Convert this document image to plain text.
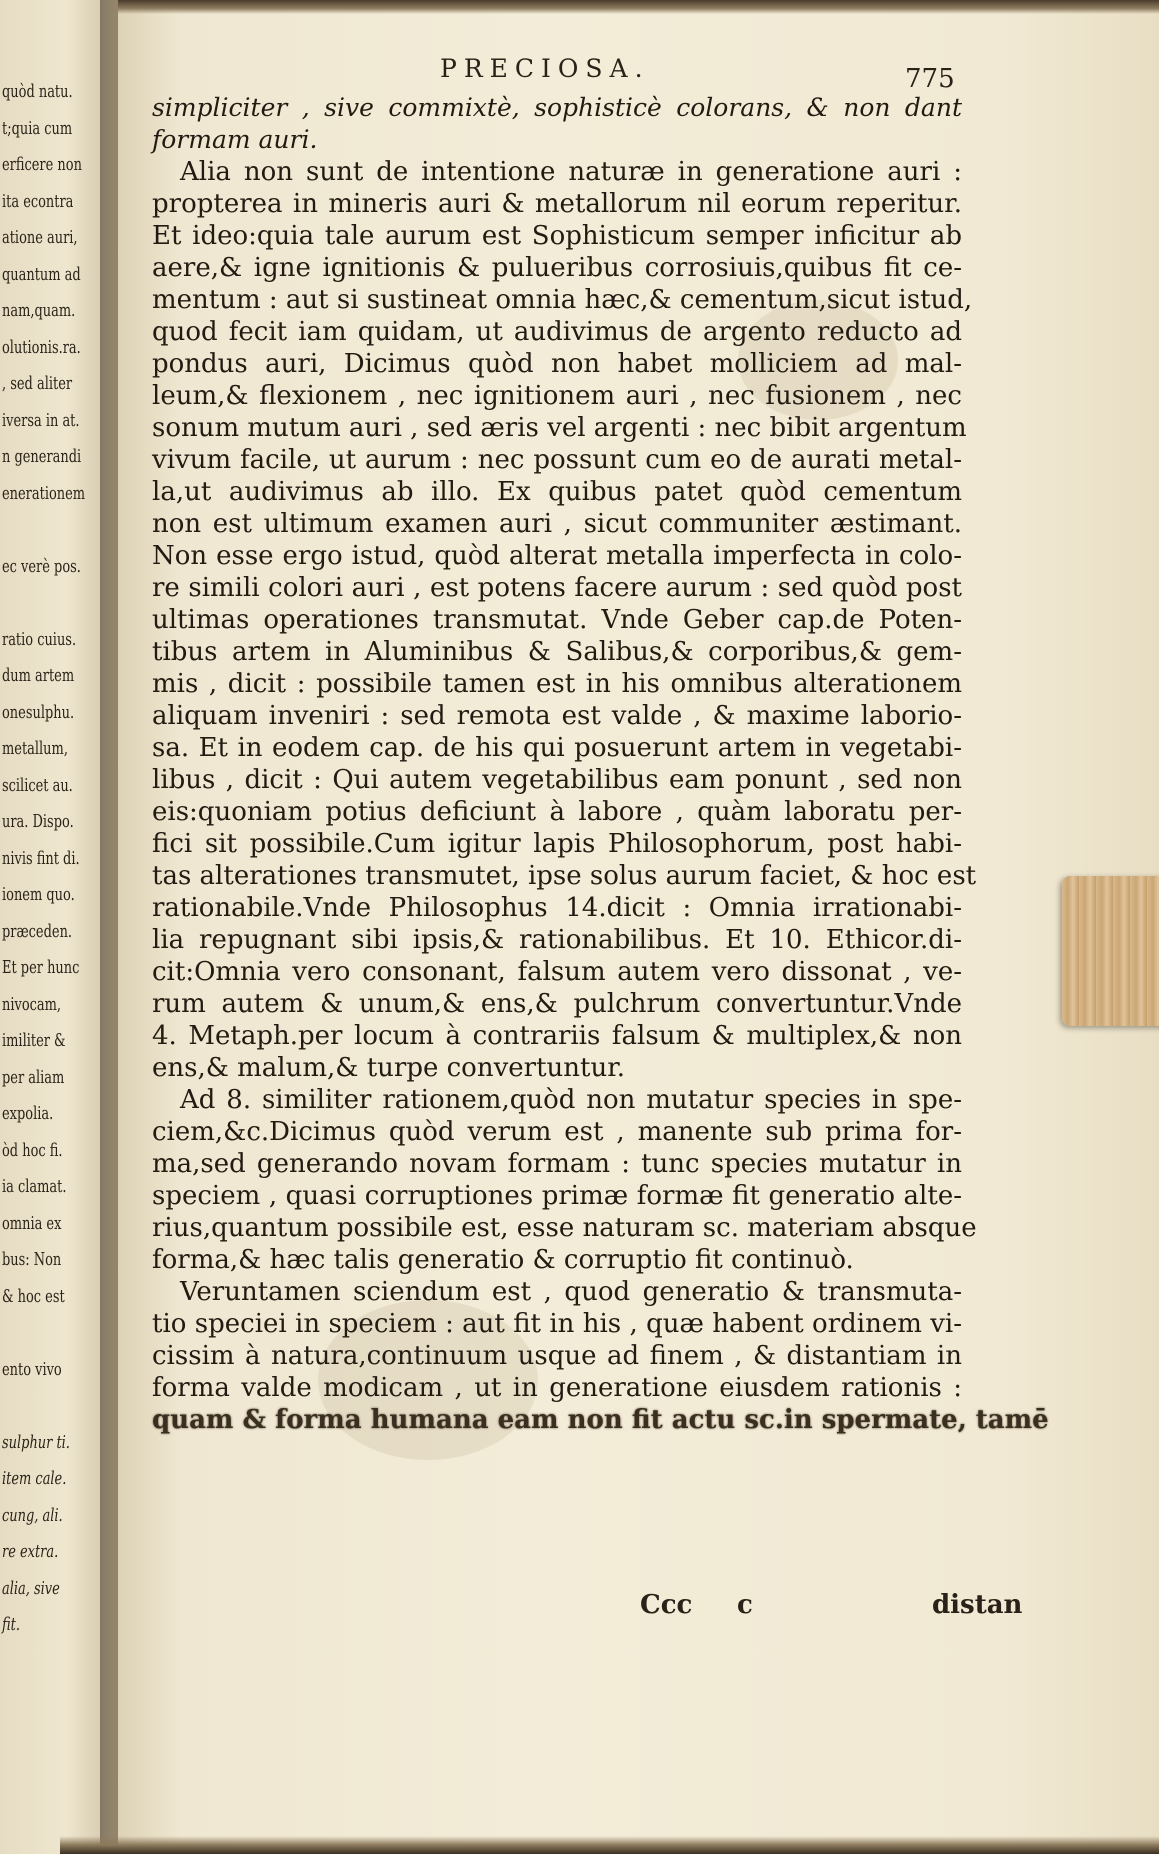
quòd natu.
t;quia cum
erficere non
ita econtra
atione auri,
quantum ad
nam,quam.
olutionis.ra.
, sed aliter
iversa in at.
n generandi
enerationem
ec verè pos.
ratio cuius.
dum artem
onesulphu.
metallum,
scilicet au.
ura. Dispo.
nivis fint di.
ionem quo.
præceden.
Et per hunc
nivocam,
imiliter &
per aliam
expolia.
òd hoc fi.
ia clamat.
omnia ex
bus: Non
& hoc est
ento vivo
sulphur ti.
item cale.
cung, ali.
re extra.
alia, sive
fit.
PRECIOSA.	775
simpliciter , sive commixtè, sophisticè colorans, & non dant
formam auri.
Alia non sunt de intentione naturæ in generatione auri :
propterea in mineris auri & metallorum nil eorum reperitur.
Et ideo:quia tale aurum est Sophisticum semper inficitur ab
aere,& igne ignitionis & pulueribus corrosiuis,quibus fit ce-
mentum : aut si sustineat omnia hæc,& cementum,sicut istud,
quod fecit iam quidam, ut audivimus de argento reducto ad
pondus auri, Dicimus quòd non habet molliciem ad mal-
leum,& flexionem , nec ignitionem auri , nec fusionem , nec
sonum mutum auri , sed æris vel argenti : nec bibit argentum
vivum facile, ut aurum : nec possunt cum eo de aurati metal-
la,ut audivimus ab illo. Ex quibus patet quòd cementum
non est ultimum examen auri , sicut communiter æstimant.
Non esse ergo istud, quòd alterat metalla imperfecta in colo-
re simili colori auri , est potens facere aurum : sed quòd post
ultimas operationes transmutat. Vnde Geber cap.de Poten-
tibus artem in Aluminibus & Salibus,& corporibus,& gem-
mis , dicit : possibile tamen est in his omnibus alterationem
aliquam inveniri : sed remota est valde , & maxime laborio-
sa. Et in eodem cap. de his qui posuerunt artem in vegetabi-
libus , dicit : Qui autem vegetabilibus eam ponunt , sed non
eis:quoniam potius deficiunt à labore , quàm laboratu per-
fici sit possibile.Cum igitur lapis Philosophorum, post habi-
tas alterationes transmutet, ipse solus aurum faciet, & hoc est
rationabile.Vnde Philosophus 14.dicit : Omnia irrationabi-
lia repugnant sibi ipsis,& rationabilibus. Et 10. Ethicor.di-
cit:Omnia vero consonant, falsum autem vero dissonat , ve-
rum autem & unum,& ens,& pulchrum convertuntur.Vnde
4. Metaph.per locum à contrariis falsum & multiplex,& non
ens,& malum,& turpe convertuntur.
Ad 8. similiter rationem,quòd non mutatur species in spe-
ciem,&c.Dicimus quòd verum est , manente sub prima for-
ma,sed generando novam formam : tunc species mutatur in
speciem , quasi corruptiones primæ formæ fit generatio alte-
rius,quantum possibile est, esse naturam sc. materiam absque
forma,& hæc talis generatio & corruptio fit continuò.
Veruntamen sciendum est , quod generatio & transmuta-
tio speciei in speciem : aut fit in his , quæ habent ordinem vi-
cissim à natura,continuum usque ad finem , & distantiam in
forma valde modicam , ut in generatione eiusdem rationis :
quam & forma humana eam non fit actu sc.in spermate, tamē
Ccc c	distan
